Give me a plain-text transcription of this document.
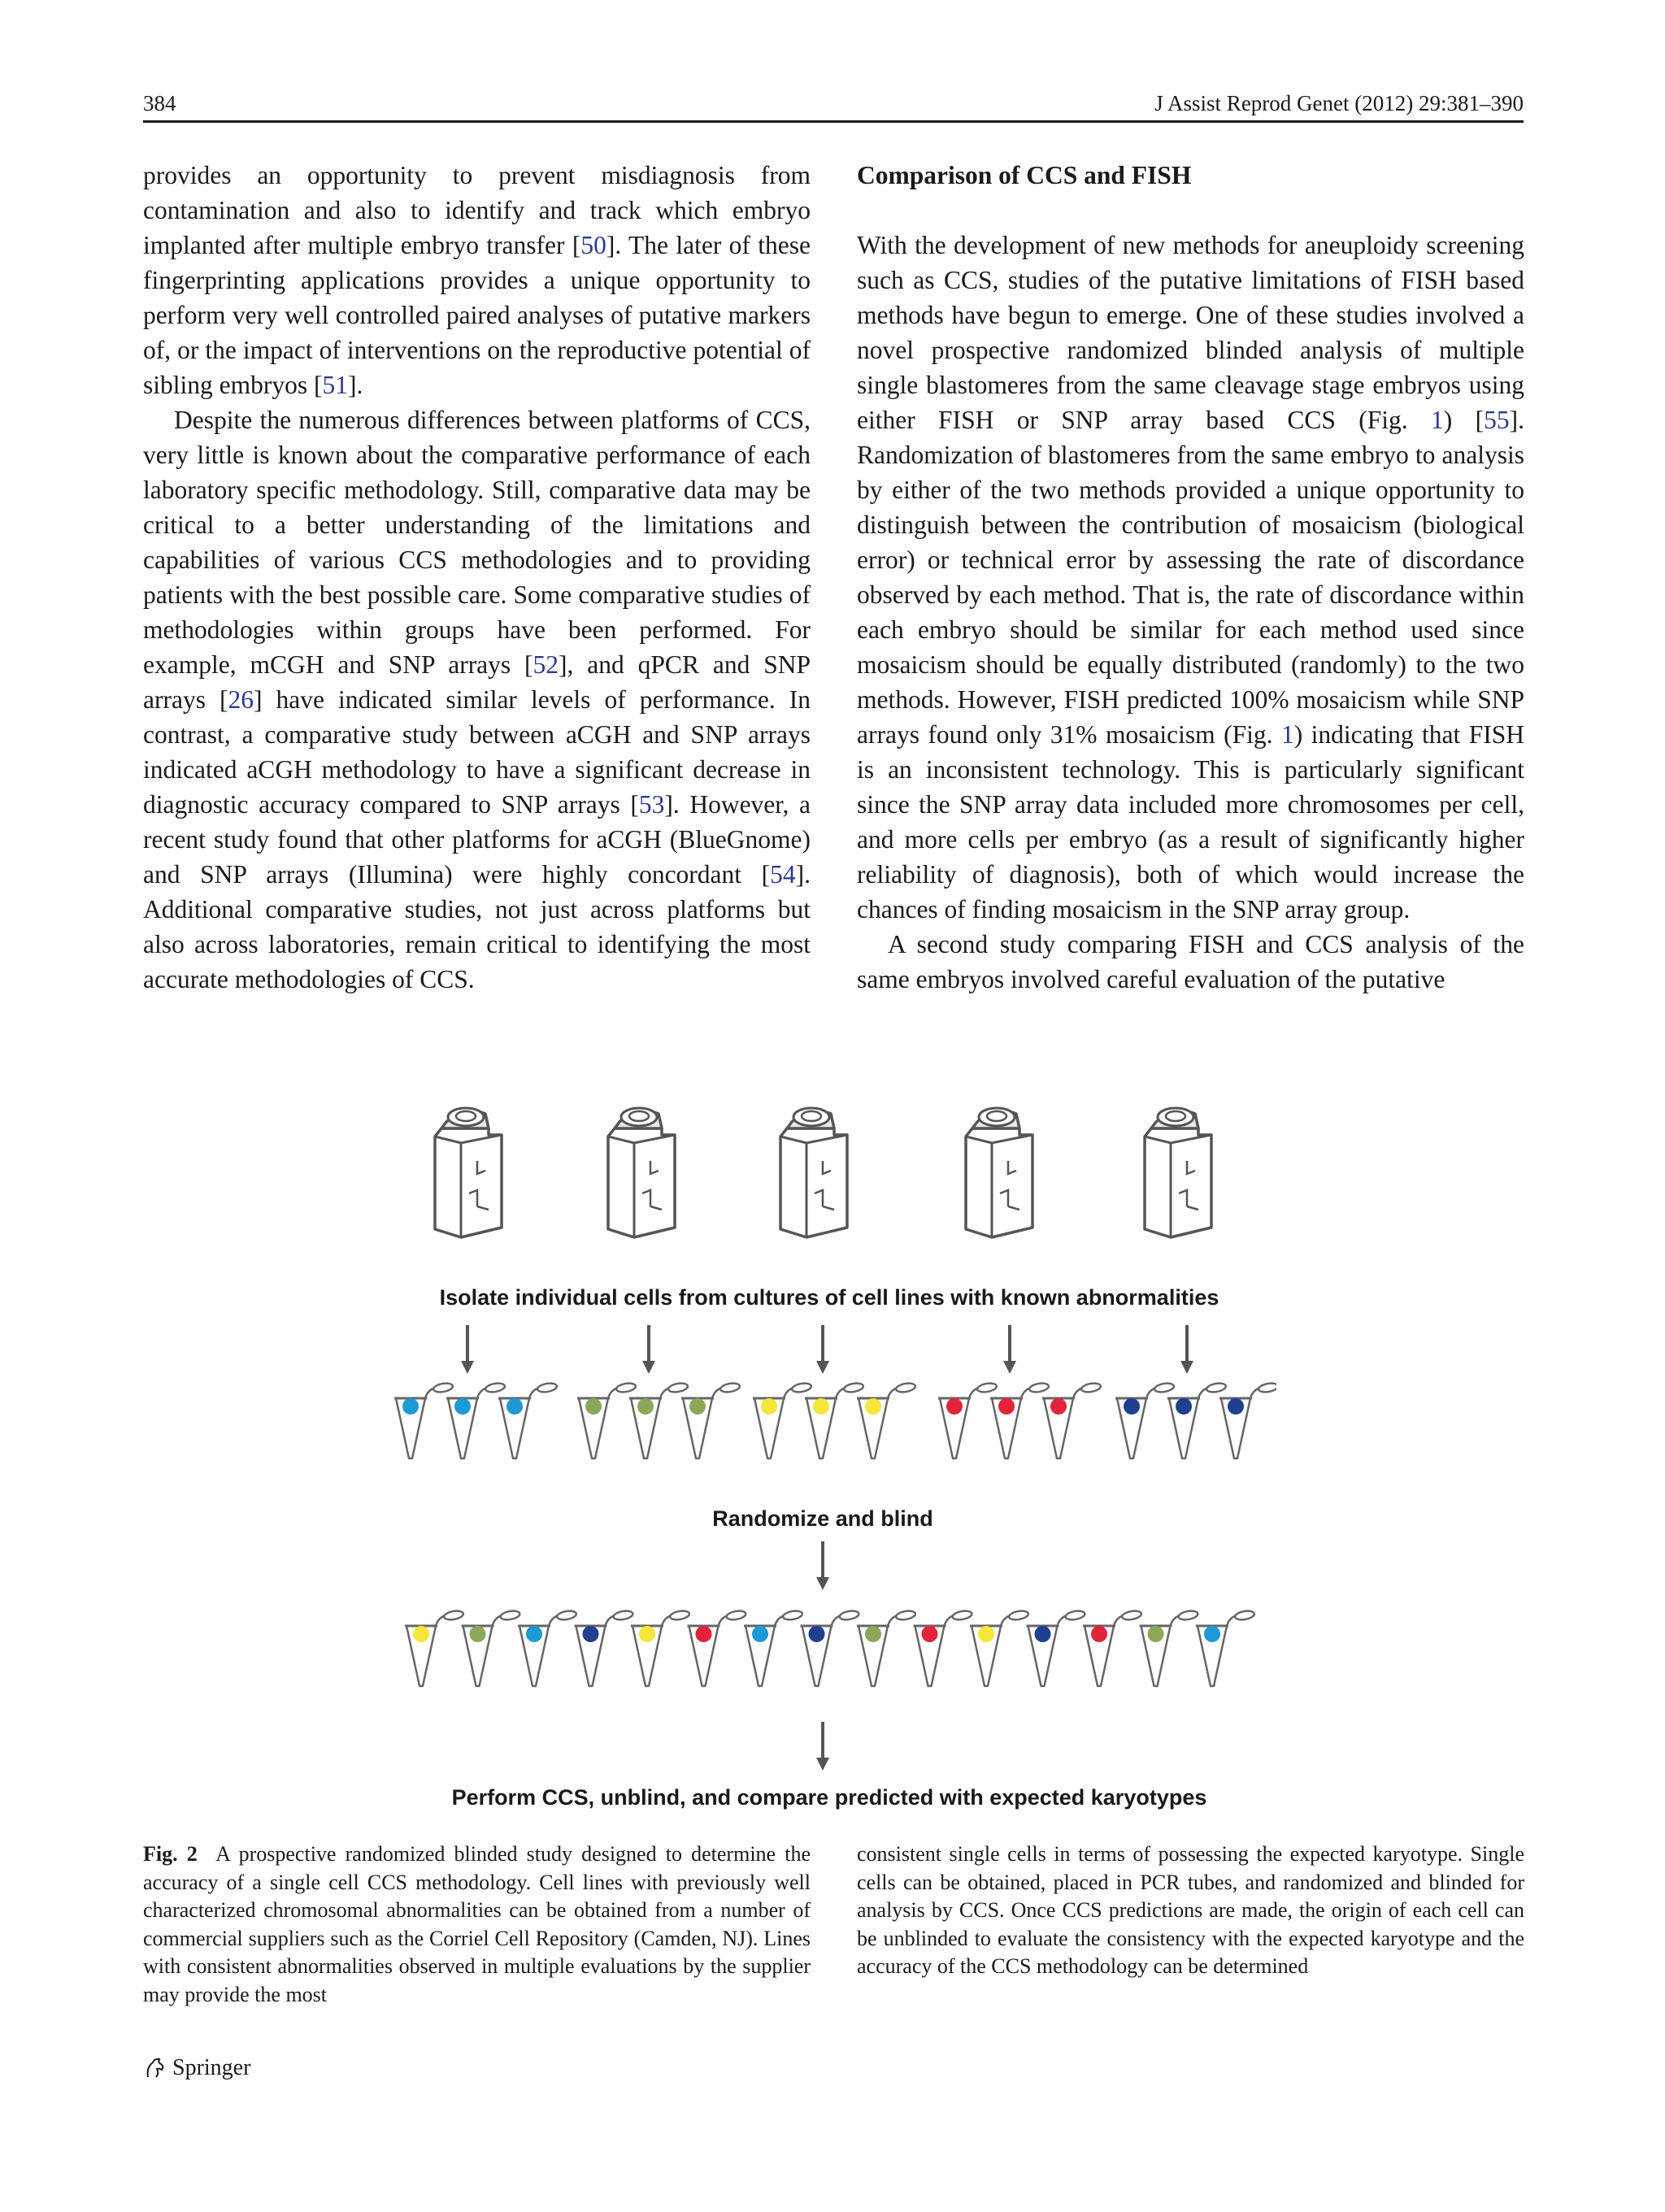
384	J Assist Reprod Genet (2012) 29:381–390

provides an opportunity to prevent misdiagnosis from contamination and also to identify and track which embryo implanted after multiple embryo transfer [50]. The later of these fingerprinting applications provides a unique opportunity to perform very well controlled paired analyses of putative markers of, or the impact of interventions on the reproductive potential of sibling embryos [51].

Despite the numerous differences between platforms of CCS, very little is known about the comparative performance of each laboratory specific methodology. Still, comparative data may be critical to a better understanding of the limitations and capabilities of various CCS methodologies and to providing patients with the best possible care. Some comparative studies of methodologies within groups have been performed. For example, mCGH and SNP arrays [52], and qPCR and SNP arrays [26] have indicated similar levels of performance. In contrast, a comparative study between aCGH and SNP arrays indicated aCGH methodology to have a significant decrease in diagnostic accuracy compared to SNP arrays [53]. However, a recent study found that other platforms for aCGH (BlueGnome) and SNP arrays (Illumina) were highly concordant [54]. Additional comparative studies, not just across platforms but also across laboratories, remain critical to identifying the most accurate methodologies of CCS.

Comparison of CCS and FISH

With the development of new methods for aneuploidy screening such as CCS, studies of the putative limitations of FISH based methods have begun to emerge. One of these studies involved a novel prospective randomized blinded analysis of multiple single blastomeres from the same cleavage stage embryos using either FISH or SNP array based CCS (Fig. 1) [55]. Randomization of blastomeres from the same embryo to analysis by either of the two methods provided a unique opportunity to distinguish between the contribution of mosaicism (biological error) or technical error by assessing the rate of discordance observed by each method. That is, the rate of discordance within each embryo should be similar for each method used since mosaicism should be equally distributed (randomly) to the two methods. However, FISH predicted 100% mosaicism while SNP arrays found only 31% mosaicism (Fig. 1) indicating that FISH is an inconsistent technology. This is particularly significant since the SNP array data included more chromosomes per cell, and more cells per embryo (as a result of significantly higher reliability of diagnosis), both of which would increase the chances of finding mosaicism in the SNP array group.

A second study comparing FISH and CCS analysis of the same embryos involved careful evaluation of the putative

Isolate individual cells from cultures of cell lines with known abnormalities
Randomize and blind
Perform CCS, unblind, and compare predicted with expected karyotypes

Fig. 2 A prospective randomized blinded study designed to determine the accuracy of a single cell CCS methodology. Cell lines with previously well characterized chromosomal abnormalities can be obtained from a number of commercial suppliers such as the Corriel Cell Repository (Camden, NJ). Lines with consistent abnormalities observed in multiple evaluations by the supplier may provide the most

consistent single cells in terms of possessing the expected karyotype. Single cells can be obtained, placed in PCR tubes, and randomized and blinded for analysis by CCS. Once CCS predictions are made, the origin of each cell can be unblinded to evaluate the consistency with the expected karyotype and the accuracy of the CCS methodology can be determined

Springer
